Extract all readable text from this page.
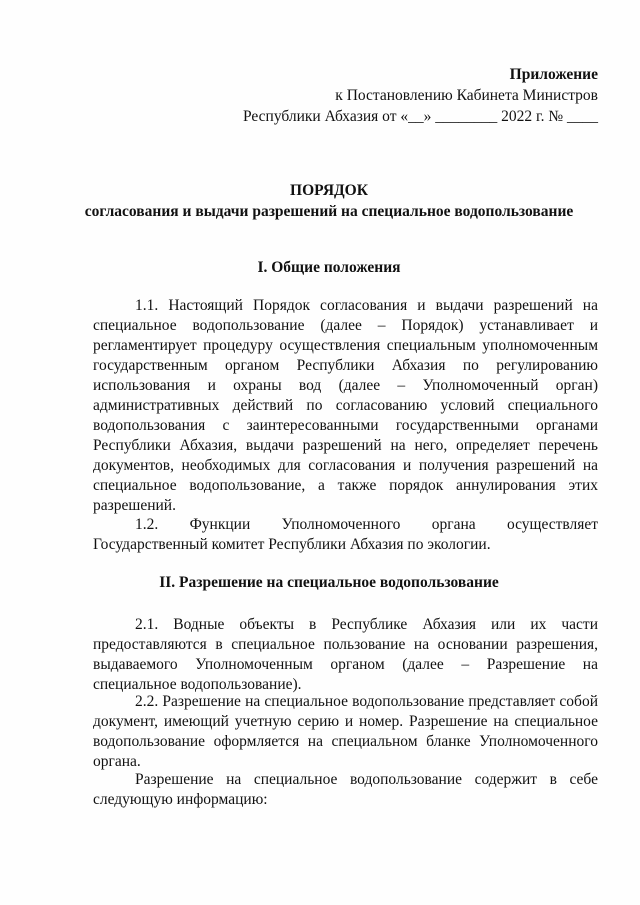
Приложение
к Постановлению Кабинета Министров
Республики Абхазия от «__» ________ 2022 г. № ____
ПОРЯДОК
согласования и выдачи разрешений на специальное водопользование
I. Общие положения
1.1. Настоящий Порядок согласования и выдачи разрешений на специальное водопользование (далее – Порядок) устанавливает и регламентирует процедуру осуществления специальным уполномоченным государственным органом Республики Абхазия по регулированию использования и охраны вод (далее – Уполномоченный орган) административных действий по согласованию условий специального водопользования с заинтересованными государственными органами Республики Абхазия, выдачи разрешений на него, определяет перечень документов, необходимых для согласования и получения разрешений на специальное водопользование, а также порядок аннулирования этих разрешений.
1.2. Функции Уполномоченного органа осуществляет Государственный комитет Республики Абхазия по экологии.
II. Разрешение на специальное водопользование
2.1. Водные объекты в Республике Абхазия или их части предоставляются в специальное пользование на основании разрешения, выдаваемого Уполномоченным органом (далее – Разрешение на специальное водопользование).
2.2. Разрешение на специальное водопользование представляет собой документ, имеющий учетную серию и номер. Разрешение на специальное водопользование оформляется на специальном бланке Уполномоченного органа.
Разрешение на специальное водопользование содержит в себе следующую информацию:
